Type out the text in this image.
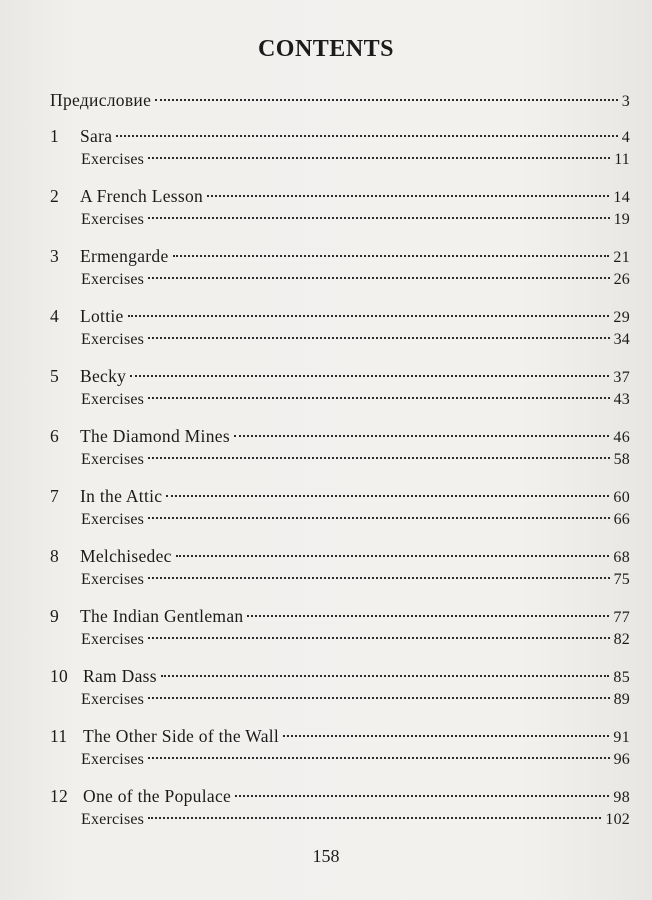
CONTENTS
Предисловие	3
1	Sara	4
Exercises	11
2	A French Lesson	14
Exercises	19
3	Ermengarde	21
Exercises	26
4	Lottie	29
Exercises	34
5	Becky	37
Exercises	43
6	The Diamond Mines	46
Exercises	58
7	In the Attic	60
Exercises	66
8	Melchisedec	68
Exercises	75
9	The Indian Gentleman	77
Exercises	82
10 Ram Dass	85
Exercises	89
11 The Other Side of the Wall	91
Exercises	96
12 One of the Populace	98
Exercises	102
158
